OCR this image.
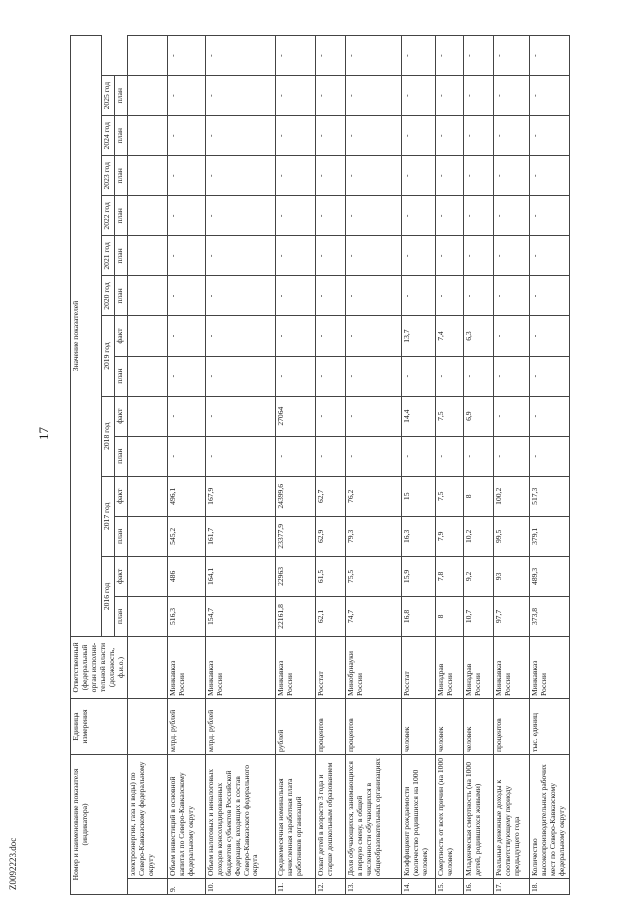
17
Z0092223.doc	Номер и наименование показателя (индикатора)		Единица измерения	Ответственный (федеральный орган исполни-тельной власти (должность, ф.и.о.)	Значение показателей														
				2016 год		2017 год		2018 год		2019 год		2020 год	2021 год	2022 год	2023 год	2024 год	2025 год	
				план	факт	план	факт	план	факт	план	факт	план	план	план	план	план	план	
	электроэнергии, газа и воды) по Северо-Кавказскому федеральному округу																	
9.	Объем инвестиций в основной капитал по Северо-Кавказскому федеральному округу	млрд. рублей	Минкавказ России	516,3	486	545,2	496,1	-	-	-	-	-	-	-	-	-	-	-
10.	Объем налоговых и неналоговых доходов консолидированных бюджетов субъектов Российской Федерации, входящих в состав Северо-Кавказского федерального округа	млрд. рублей	Минкавказ России	154,7	164,1	161,7	167,9	-	-	-	-	-	-	-	-	-	-	-
11.	Среднемесячная номинальная начисленная заработная плата работников организаций	рублей	Минкавказ России	22161,8	22963	23377,9	24399,6	-	27064	-	-	-	-	-	-	-	-	-
12.	Охват детей в возрасте 3 года и старше дошкольным образованием	процентов	Росстат	62,1	61,5	62,9	62,7	-	-	-	-	-	-	-	-	-	-	-
13.	Доля обучающихся, занимающихся в первую смену, в общей численности обучающихся в общеобразовательных организациях	процентов	Минобрнауки России	74,7	75,5	79,3	76,2	-	-	-	-	-	-	-	-	-	-	-
14.	Коэффициент рождаемости (количество родившихся на 1000 человек)	человек	Росстат	16,8	15,9	16,3	15	-	14,4	-	13,7	-	-	-	-	-	-	-
15.	Смертность от всех причин (на 1000 человек)	человек	Минздрав России	8	7,8	7,9	7,5	-	7,5	-	7,4	-	-	-	-	-	-	-
16.	Младенческая смертность (на 1000 детей, родившихся живыми)	человек	Минздрав России	10,7	9,2	10,2	8	-	6,9	-	6,3	-	-	-	-	-	-	-
17.	Реальные денежные доходы к соответствующему периоду предыдущего года	процентов	Минкавказ России	97,7	93	99,5	100,2	-	-	-	-	-	-	-	-	-	-	-
18.	Количество высокопроизводительных рабочих мест по Северо-Кавказскому федеральному округу	тыс. единиц	Минкавказ России	373,8	489,3	379,1	517,3	-	-	-	-	-	-	-	-	-	-	-
